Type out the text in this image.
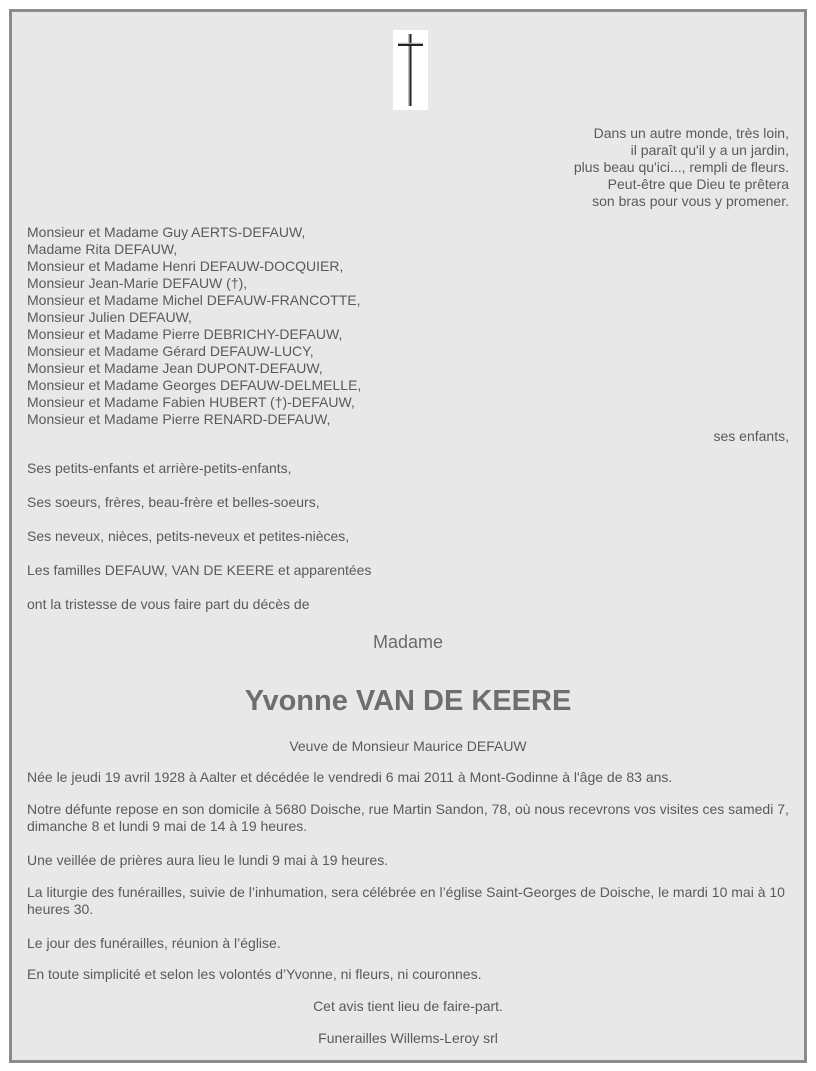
Dans un autre monde, très loin,
il paraît qu'il y a un jardin,
plus beau qu'ici..., rempli de fleurs.
Peut-être que Dieu te prêtera
son bras pour vous y promener.
Monsieur et Madame Guy AERTS-DEFAUW,
Madame Rita DEFAUW,
Monsieur et Madame Henri DEFAUW-DOCQUIER,
Monsieur Jean-Marie DEFAUW (†),
Monsieur et Madame Michel DEFAUW-FRANCOTTE,
Monsieur Julien DEFAUW,
Monsieur et Madame Pierre DEBRICHY-DEFAUW,
Monsieur et Madame Gérard DEFAUW-LUCY,
Monsieur et Madame Jean DUPONT-DEFAUW,
Monsieur et Madame Georges DEFAUW-DELMELLE,
Monsieur et Madame Fabien HUBERT (†)-DEFAUW,
Monsieur et Madame Pierre RENARD-DEFAUW,
ses enfants,
Ses petits-enfants et arrière-petits-enfants,
Ses soeurs, frères, beau-frère et belles-soeurs,
Ses neveux, nièces, petits-neveux et petites-nièces,
Les familles DEFAUW, VAN DE KEERE et apparentées
ont la tristesse de vous faire part du décès de
Madame
Yvonne VAN DE KEERE
Veuve de Monsieur Maurice DEFAUW
Née le jeudi 19 avril 1928 à Aalter et décédée le vendredi 6 mai 2011 à Mont-Godinne à l'âge de 83 ans.
Notre défunte repose en son domicile à 5680 Doische, rue Martin Sandon, 78, où nous recevrons vos visites ces samedi 7, dimanche 8 et lundi 9 mai de 14 à 19 heures.
Une veillée de prières aura lieu le lundi 9 mai à 19 heures.
La liturgie des funérailles, suivie de l’inhumation, sera célébrée en l’église Saint-Georges de Doische, le mardi 10 mai à 10 heures 30.
Le jour des funérailles, réunion à l’église.
En toute simplicité et selon les volontés d’Yvonne, ni fleurs, ni couronnes.
Cet avis tient lieu de faire-part.
Funerailles Willems-Leroy srl
